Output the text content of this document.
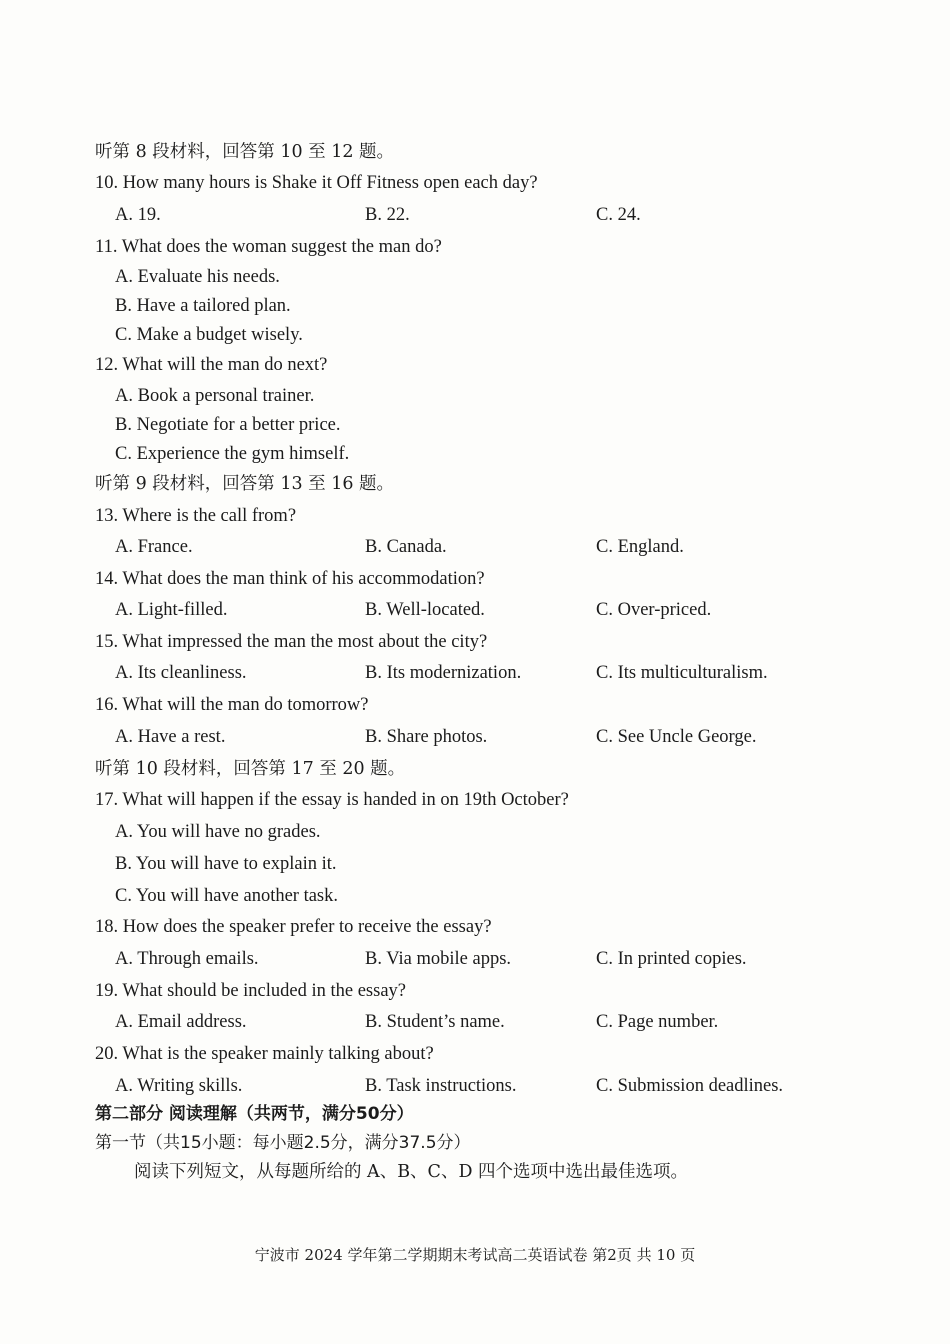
宁波市 2024 学年第二学期期末考试高二英语试卷 第2页 共 10 页
听第 8 段材料，回答第 10 至 12 题。
10. How many hours is Shake it Off Fitness open each day?
A. 19.	B. 22.	C. 24.
11. What does the woman suggest the man do?
A. Evaluate his needs.
B. Have a tailored plan.
C. Make a budget wisely.
12. What will the man do next?
A. Book a personal trainer.
B. Negotiate for a better price.
C. Experience the gym himself.
听第 9 段材料，回答第 13 至 16 题。
13. Where is the call from?
A. France.	B. Canada.	C. England.
14. What does the man think of his accommodation?
A. Light-filled.	B. Well-located.	C. Over-priced.
15. What impressed the man the most about the city?
A. Its cleanliness.	B. Its modernization.	C. Its multiculturalism.
16. What will the man do tomorrow?
A. Have a rest.	B. Share photos.	C. See Uncle George.
听第 10 段材料，回答第 17 至 20 题。
17. What will happen if the essay is handed in on 19th October?
A. You will have no grades.
B. You will have to explain it.
C. You will have another task.
18. How does the speaker prefer to receive the essay?
A. Through emails.	B. Via mobile apps.	C. In printed copies.
19. What should be included in the essay?
A. Email address.	B. Student’s name.	C. Page number.
20. What is the speaker mainly talking about?
A. Writing skills.	B. Task instructions.	C. Submission deadlines.
第二部分 阅读理解（共两节，满分50分）
第一节（共15小题：每小题2.5分，满分37.5分）
阅读下列短文，从每题所给的 A、B、C、D 四个选项中选出最佳选项。
